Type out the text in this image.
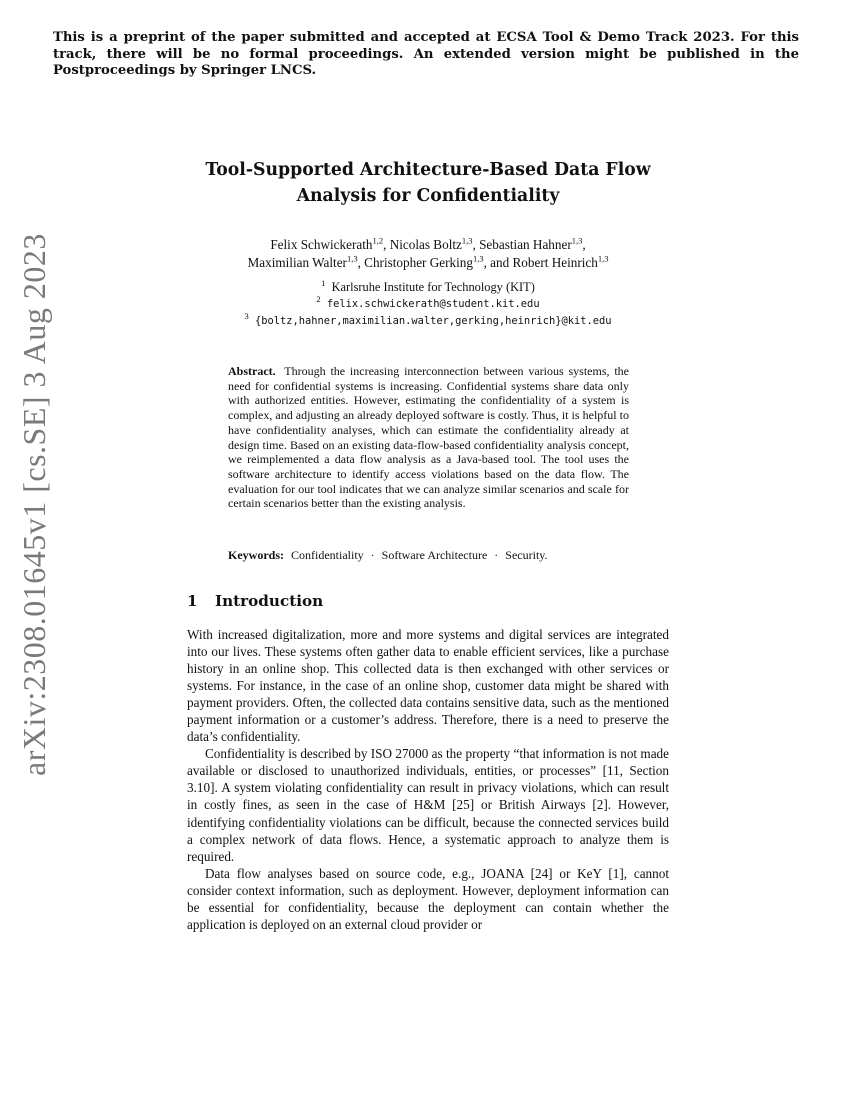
This is a preprint of the paper submitted and accepted at ECSA Tool & Demo Track 2023. For this track, there will be no formal proceedings. An extended version might be published in the Postproceedings by Springer LNCS.
arXiv:2308.01645v1 [cs.SE] 3 Aug 2023
Tool-Supported Architecture-Based Data Flow
Analysis for Confidentiality
Felix Schwickerath$^{1,2}$, Nicolas Boltz$^{1,3}$, Sebastian Hahner$^{1,3}$,
Maximilian Walter$^{1,3}$, Christopher Gerking$^{1,3}$, and Robert Heinrich$^{1,3}$
$^1$ Karlsruhe Institute for Technology (KIT)
$^2$ felix.schwickerath@student.kit.edu
$^3$ {boltz,hahner,maximilian.walter,gerking,heinrich}@kit.edu
Abstract. Through the increasing interconnection between various systems, the need for confidential systems is increasing. Confidential systems share data only with authorized entities. However, estimating the confidentiality of a system is complex, and adjusting an already deployed software is costly. Thus, it is helpful to have confidentiality analyses, which can estimate the confidentiality already at design time. Based on an existing data-flow-based confidentiality analysis concept, we reimplemented a data flow analysis as a Java-based tool. The tool uses the software architecture to identify access violations based on the data flow. The evaluation for our tool indicates that we can analyze similar scenarios and scale for certain scenarios better than the existing analysis.
Keywords: Confidentiality · Software Architecture · Security.
1 Introduction

With increased digitalization, more and more systems and digital services are integrated into our lives. These systems often gather data to enable efficient services, like a purchase history in an online shop. This collected data is then exchanged with other services or systems. For instance, in the case of an online shop, customer data might be shared with payment providers. Often, the collected data contains sensitive data, such as the mentioned payment information or a customer’s address. Therefore, there is a need to preserve the data’s confidentiality.

Confidentiality is described by ISO 27000 as the property “that information is not made available or disclosed to unauthorized individuals, entities, or processes” [11, Section 3.10]. A system violating confidentiality can result in privacy violations, which can result in costly fines, as seen in the case of H&M [25] or British Airways [2]. However, identifying confidentiality violations can be difficult, because the connected services build a complex network of data flows. Hence, a systematic approach to analyze them is required.

Data flow analyses based on source code, e.g., JOANA [24] or KeY [1], cannot consider context information, such as deployment. However, deployment information can be essential for confidentiality, because the deployment can contain whether the application is deployed on an external cloud provider or
